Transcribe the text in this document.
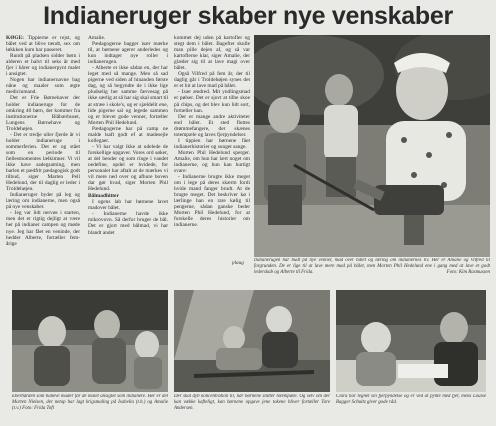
Indianeruger skaber nye venskaber

KØGE: Tippierne er rejst, og bålet ved at blive tændt, sex om løkkken kum har passeret.

Rundt på pladsen sidder børn i alderen et halvt til seks år med fjer i hårer og indianerpynt malet i ansigtet.

Nogen har indianernavne bag nåne og maaler som ægte medicinmand.

Det er Frie Børnehaver der holder indianeruge for de omkring 40 børn, der kommer fra institutionerne Blåbærhuset, Lungens Børnehave og Troldehøjen.

- Det er tredje uller fjerde år vi holder indianeruge i sommerferien. Det er og stået som en periode til fællesmomentes lælkimner. Vi vil ikke have sadegsaming, men barlen et pædfrit pædagogisk godt tilbud, siger Marten Pell Hedelund, der til daglig er leder i Troldehøjen.

Indianeruger byder på leg og læring om indianerne, men også på nye venskaber.

- Jeg var lidt nervøs i starten, men det er rigtig dejligt at være her på indianer campen og møde nye. Jeg har fået en veninde, der hedder Alberte, fortæller fem-årige

Amalie.

Pædagogerne bagger især mærke til, at børnene agerer anderledes og kun indtager nye roller i indianerugen.

- Alberte er ikke sådan en, der har leget med så mange. Men så sad pigerne ved siden af hinanden første dag, og så begyndte de i ikke lige pludselig her samme færvesag på ikke særlig at så har sig skal smart til at stræe i skole's, og er sjældelit ene, lide pigerne sal og legede sammen og er blevet gode venner, fortæller Morten Phil Hedelund.

Pædagogerne har på camp ne malde lsaft godt ef at madesejle kollegaer.

- Vi har valgt ikke at udelede de forskellige opgaver. Vores ord søker, at del bender og som ringe i vandet nedefine, opdel er hvidede, for personalet har aftalt at de mærkes vi vil mere ned over og afhure boven dar gør hvad, siger Morten Phil Hedelund.

Bålmadhitter

I ugens lab har børnene lavet madover bålet.

- Indianerne havde ikke mikrovovn. Så derfor bruger de bål. Det er gjort med bålmad, vi har blandt andet

kommet dej uden på kartofler og stegt dem i bålet. Bagefter skulle man pille dejen af, og så var kartoflerne klar, siger Amalie, der glæder sig til at lave magi over bålet.

Også Vilfred på fem år, der til daglig går i Troldehøjen synes det er et hit at lave mad på bålet.

- Især ændred. Mit yndlingsmad er pølser. Det er sjovt at tilbe skoe på chips, og det blev kun lidt sort, fortæller han.

Der er mange andre aktiviteter end bålet. Et sted flottes drømmefangere, der skænes totempæle og laves fjerpyndelser.

I tippien har børnene fået indianerhistorier og sunget sange.

Morten Phil Hedelund sperger. Amalie, om hun har lært noget om indianerne, og hun kan hurtigt svare:

- Indianerne brugte ikke meget om i lege på deres skærm fordi hvide mand fanger brudt. At de brugte meget. Det beskriver kø i lærlinge han en rare kølig til pengerne, sådan ganske beder Morten Phil Hedelund, for at forskelle deres historier om indianerne.

plaug Indianerugen har budt på nye venner, mad over bålet og læring om indianernes liv. Her er Amalie og Vilfred til forgrunden. De er lige til at lave mere mad på bålet, men Morten Phil Hedelund ene i gang med at lave et godt lederskab og Alberte til Frida.	Foto: Kim Rasmussen
Eberhården som baneve mader får de malet ansigtet som indianere. Her er det Morten Nielsen, der netop har lagt krigsmaling på Isabella (t.h.) og Amalie (t.v.) Foto: Frida Toft
Der skal dyb koncentration til, når børnene snitter totempæle. Og selv om der kan vække kafteligt, kan børnene opgave jene tokene bliver fortæller Tore Andersen.
Clara har tegnet sin fjerpyndelse og er ved at pynte med fjer, mens Louise Bagger Schultz giver gode råd.
